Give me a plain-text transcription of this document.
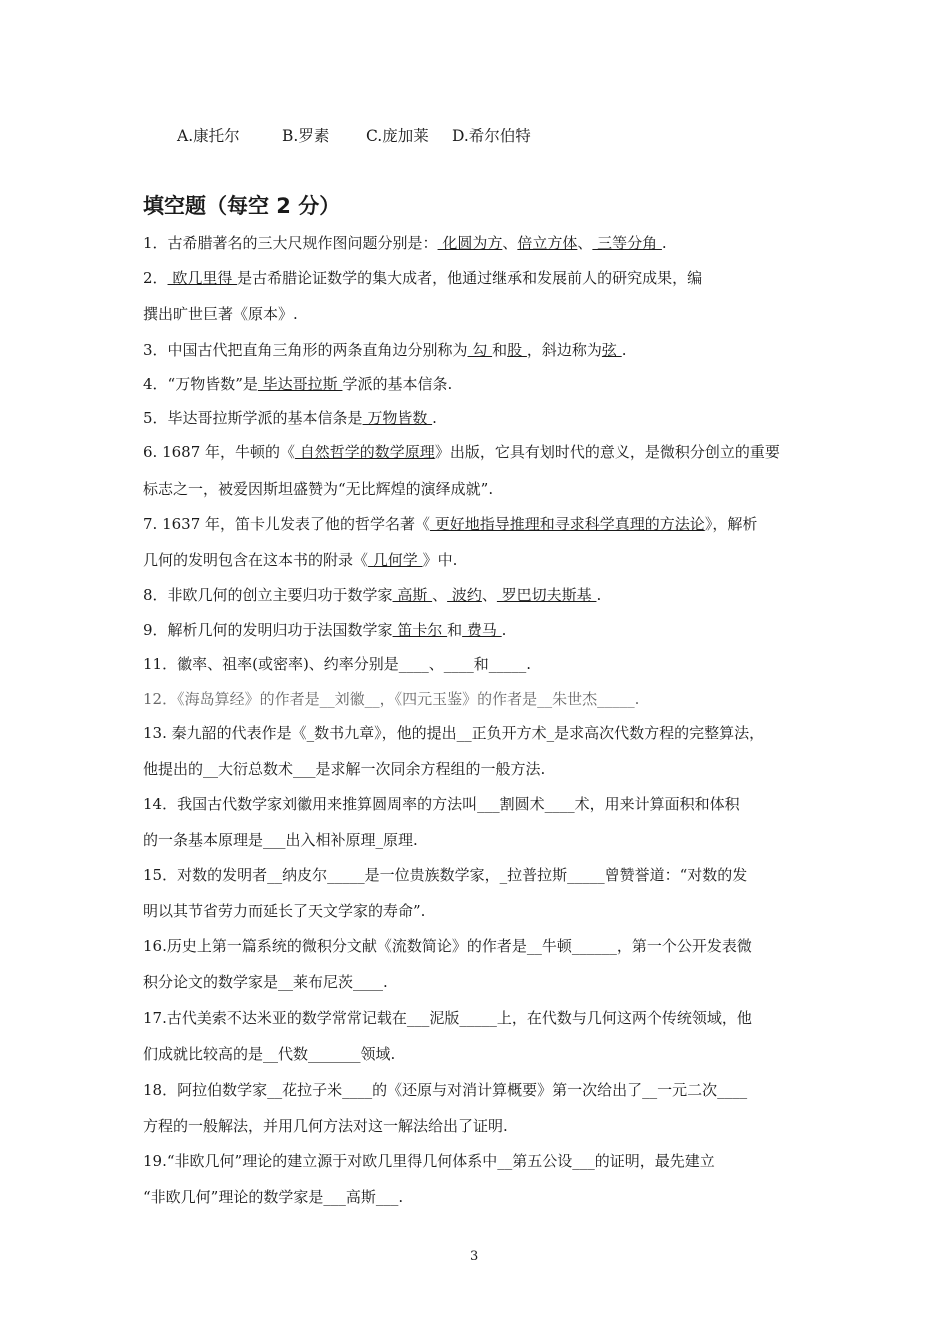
A.康托尔	B.罗素 C.庞加莱 D.希尔伯特
填空题（每空 2 分）
1．古希腊著名的三大尺规作图问题分别是： 化圆为方、倍立方体、 三等分角 .
2． 欧几里得 是古希腊论证数学的集大成者，他通过继承和发展前人的研究成果，编
撰出旷世巨著《原本》.
3．中国古代把直角三角形的两条直角边分别称为 勾 和股 ，斜边称为弦 .
4．“万物皆数”是 毕达哥拉斯 学派的基本信条.
5．毕达哥拉斯学派的基本信条是 万物皆数 .
6. 1687 年，牛顿的《 自然哲学的数学原理》出版，它具有划时代的意义，是微积分创立的重要
标志之一，被爱因斯坦盛赞为“无比辉煌的演绎成就”.
7. 1637 年，笛卡儿发表了他的哲学名著《 更好地指导推理和寻求科学真理的方法论》，解析
几何的发明包含在这本书的附录《 几何学 》中.
8．非欧几何的创立主要归功于数学家 高斯 、 波约、 罗巴切夫斯基 .
9．解析几何的发明归功于法国数学家 笛卡尔 和 费马 .
11．徽率、祖率(或密率)、约率分别是____、____和_____.
12．《海岛算经》的作者是__刘徽__，《四元玉鉴》的作者是__朱世杰_____.
13. 秦九韶的代表作是《_数书九章》，他的提出__正负开方术_是求高次代数方程的完整算法，
他提出的__大衍总数术___是求解一次同余方程组的一般方法.
14．我国古代数学家刘徽用来推算圆周率的方法叫___割圆术____术，用来计算面积和体积
的一条基本原理是___出入相补原理_原理.
15．对数的发明者__纳皮尔_____是一位贵族数学家，_拉普拉斯_____曾赞誉道：“对数的发
明以其节省劳力而延长了天文学家的寿命”.
16.历史上第一篇系统的微积分文献《流数简论》的作者是__牛顿______，第一个公开发表微
积分论文的数学家是__莱布尼茨____.
17.古代美索不达米亚的数学常常记载在___泥版_____上，在代数与几何这两个传统领域，他
们成就比较高的是__代数_______领域.
18．阿拉伯数学家__花拉子米____的《还原与对消计算概要》第一次给出了__一元二次____
方程的一般解法，并用几何方法对这一解法给出了证明.
19.“非欧几何”理论的建立源于对欧几里得几何体系中__第五公设___的证明，最先建立
“非欧几何”理论的数学家是___高斯___.
3
